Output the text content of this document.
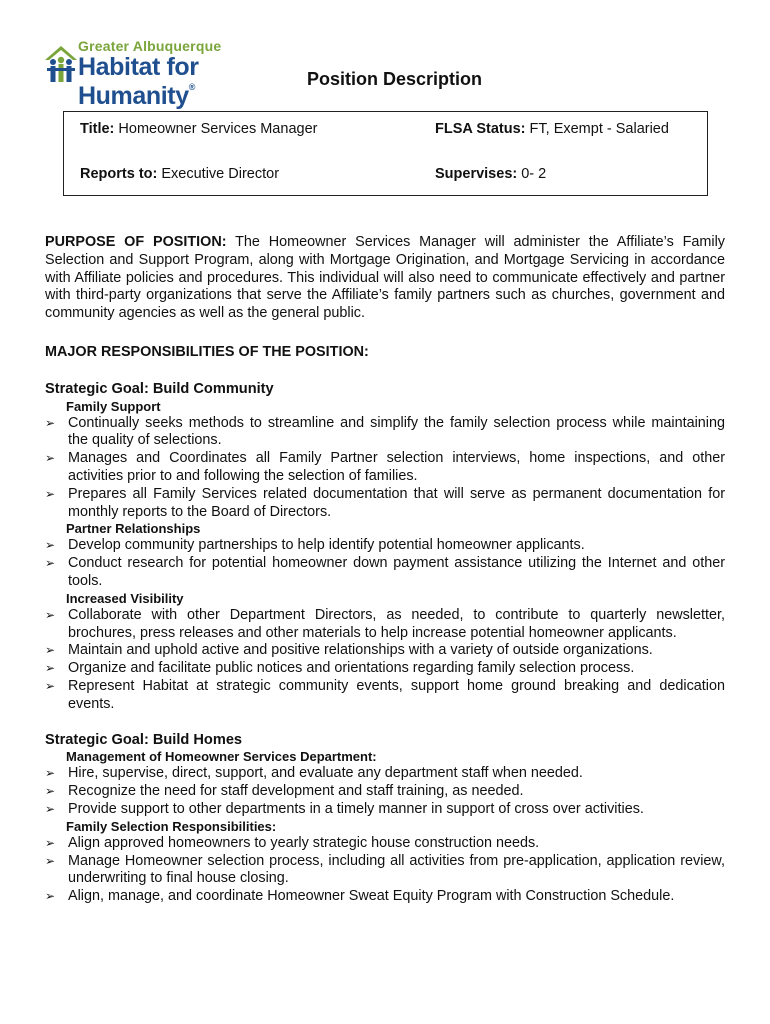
Greater Albuquerque
Habitat for Humanity®	Position Description
Title: Homeowner Services Manager	FLSA Status: FT, Exempt - Salaried
Reports to: Executive Director	Supervises: 0- 2

PURPOSE OF POSITION: The Homeowner Services Manager will administer the Affiliate’s Family Selection and Support Program, along with Mortgage Origination, and Mortgage Servicing in accordance with Affiliate policies and procedures. This individual will also need to communicate effectively and partner with third-party organizations that serve the Affiliate’s family partners such as churches, government and community agencies as well as the general public.

MAJOR RESPONSIBILITIES OF THE POSITION:

Strategic Goal: Build Community

Family Support

➢ Continually seeks methods to streamline and simplify the family selection process while maintaining the quality of selections.
➢ Manages and Coordinates all Family Partner selection interviews, home inspections, and other activities prior to and following the selection of families.
➢ Prepares all Family Services related documentation that will serve as permanent documentation for monthly reports to the Board of Directors.

Partner Relationships

➢ Develop community partnerships to help identify potential homeowner applicants.
➢ Conduct research for potential homeowner down payment assistance utilizing the Internet and other tools.

Increased Visibility

➢ Collaborate with other Department Directors, as needed, to contribute to quarterly newsletter, brochures, press releases and other materials to help increase potential homeowner applicants.
➢ Maintain and uphold active and positive relationships with a variety of outside organizations.
➢ Organize and facilitate public notices and orientations regarding family selection process.
➢ Represent Habitat at strategic community events, support home ground breaking and dedication events.

Strategic Goal: Build Homes

Management of Homeowner Services Department:

➢ Hire, supervise, direct, support, and evaluate any department staff when needed.
➢ Recognize the need for staff development and staff training, as needed.
➢ Provide support to other departments in a timely manner in support of cross over activities.

Family Selection Responsibilities:

➢ Align approved homeowners to yearly strategic house construction needs.
➢ Manage Homeowner selection process, including all activities from pre-application, application review, underwriting to final house closing.
➢ Align, manage, and coordinate Homeowner Sweat Equity Program with Construction Schedule.
